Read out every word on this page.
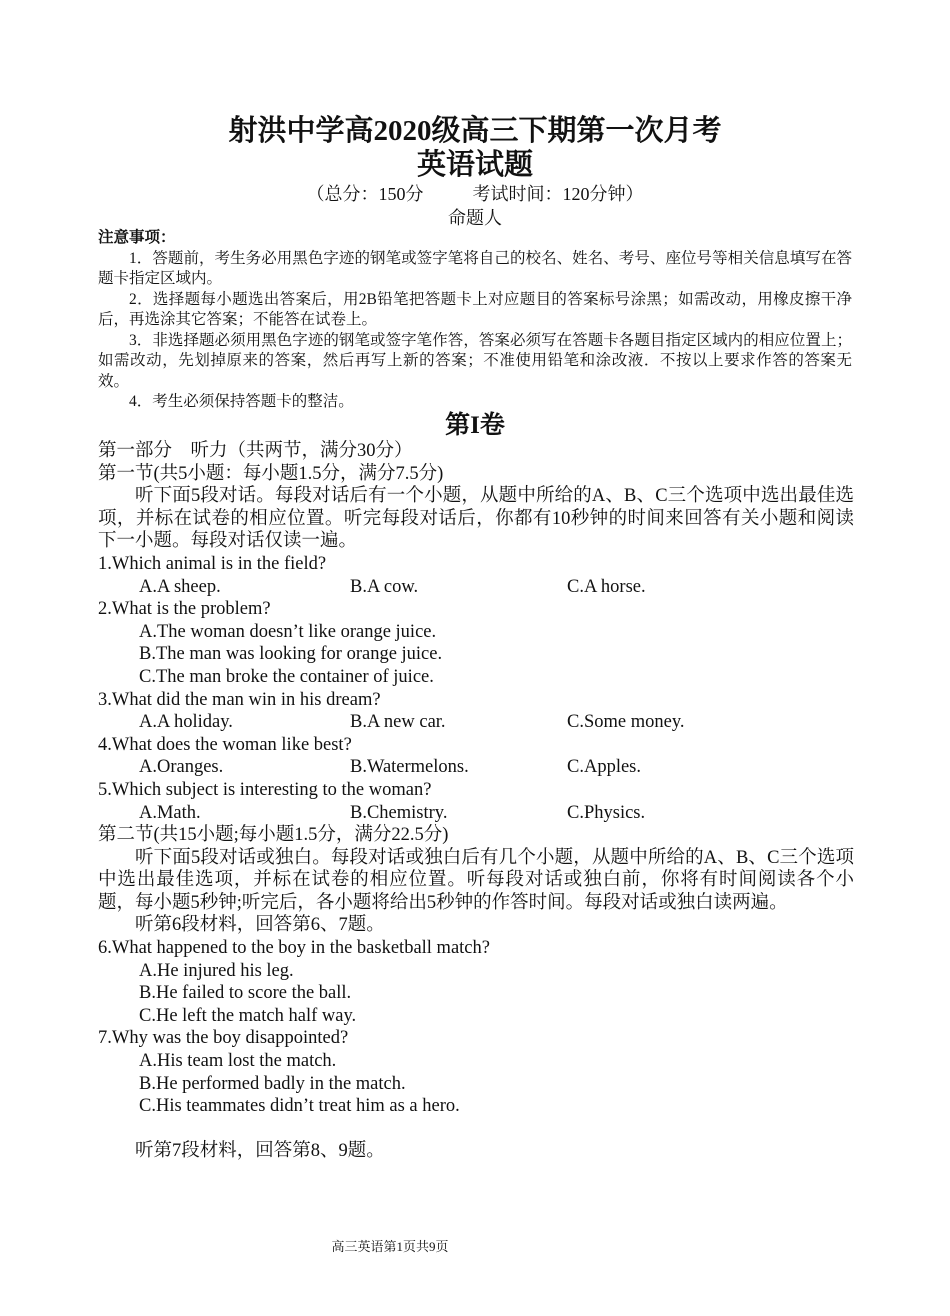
射洪中学高2020级高三下期第一次月考
英语试题
（总分：150分	考试时间：120分钟）
命题人
注意事项：

1．答题前，考生务必用黑色字迹的钢笔或签字笔将自己的校名、姓名、考号、座位号等相关信息填写在答题卡指定区域内。

2．选择题每小题选出答案后，用2B铅笔把答题卡上对应题目的答案标号涂黑；如需改动，用橡皮擦干净后，再选涂其它答案；不能答在试卷上。

3．非选择题必须用黑色字迹的钢笔或签字笔作答，答案必须写在答题卡各题目指定区域内的相应位置上；如需改动，先划掉原来的答案，然后再写上新的答案；不准使用铅笔和涂改液．不按以上要求作答的答案无效。

4．考生必须保持答题卡的整洁。

第I卷

第一部分　听力（共两节，满分30分）

第一节(共5小题：每小题1.5分，满分7.5分)

听下面5段对话。每段对话后有一个小题，从题中所给的A、B、C三个选项中选出最佳选项，并标在试卷的相应位置。听完每段对话后，你都有10秒钟的时间来回答有关小题和阅读下一小题。每段对话仅读一遍。

1.Which animal is in the field?

A.A sheep.	B.A cow.	C.A horse.

2.What is the problem?

A.The woman doesn’t like orange juice.

B.The man was looking for orange juice.

C.The man broke the container of juice.

3.What did the man win in his dream?

A.A holiday.	B.A new car.	C.Some money.

4.What does the woman like best?

A.Oranges.	B.Watermelons.	C.Apples.

5.Which subject is interesting to the woman?

A.Math.	B.Chemistry.	C.Physics.

第二节(共15小题;每小题1.5分，满分22.5分)

听下面5段对话或独白。每段对话或独白后有几个小题，从题中所给的A、B、C三个选项中选出最佳选项，并标在试卷的相应位置。听每段对话或独白前，你将有时间阅读各个小题，每小题5秒钟;听完后，各小题将给出5秒钟的作答时间。每段对话或独白读两遍。

听第6段材料，回答第6、7题。

6.What happened to the boy in the basketball match?

A.He injured his leg.

B.He failed to score the ball.

C.He left the match half way.

7.Why was the boy disappointed?

A.His team lost the match.

B.He performed badly in the match.

C.His teammates didn’t treat him as a hero.

听第7段材料，回答第8、9题。

高三英语第1页共9页
